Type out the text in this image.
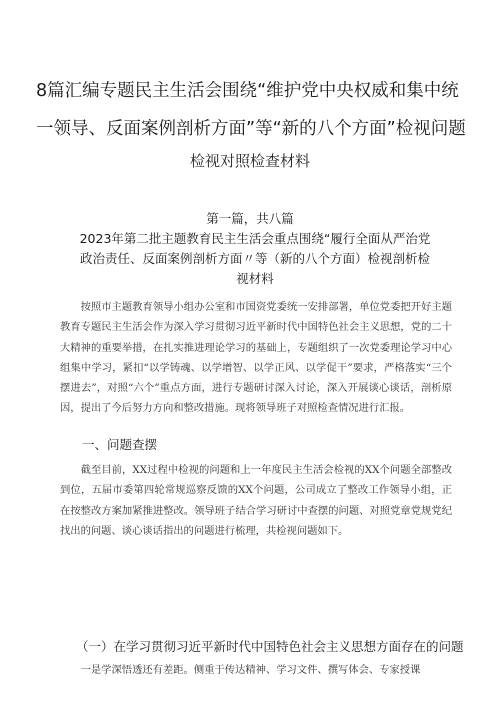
8篇汇编专题民主生活会围绕“维护党中央权威和集中统一领导、反面案例剖析方面”等“新的八个方面”检视问题
检视对照检查材料
第一篇，共八篇
2023年第二批主题教育民主生活会重点围绕“履行全面从严治党政治责任、反面案例剖析方面〃等（新的八个方面）检视剖析检视材料

按照市主题教育领导小组办公室和市国资党委统一安排部署，单位党委把开好主题教育专题民主生活会作为深入学习贯彻习近平新时代中国特色社会主义思想，党的二十大精神的重要举措，在扎实推进理论学习的基础上，专题组织了一次党委理论学习中心组集中学习，紧扣“以学铸魂、以学增智、以学正风、以学促干”要求，严格落实“三个摆进去”，对照“六个”重点方面，进行专题研讨深入讨论，深入开展谈心谈话，剖析原因，提出了今后努力方向和整改措施。现将领导班子对照检查情况进行汇报。

一、问题查摆

截至目前，XX过程中检视的问题和上一年度民主生活会检视的XX个问题全部整改到位，五届市委第四轮常规巡察反馈的XX个问题，公司成立了整改工作领导小组，正在按整改方案加紧推进整改。领导班子结合学习研讨中查摆的问题、对照党章党规党纪找出的问题、谈心谈话指出的问题进行梳理，共检视问题如下。

（一）在学习贯彻习近平新时代中国特色社会主义思想方面存在的问题

一是学深悟透还有差距。侧重于传达精神、学习文件、撰写体会、专家授课
